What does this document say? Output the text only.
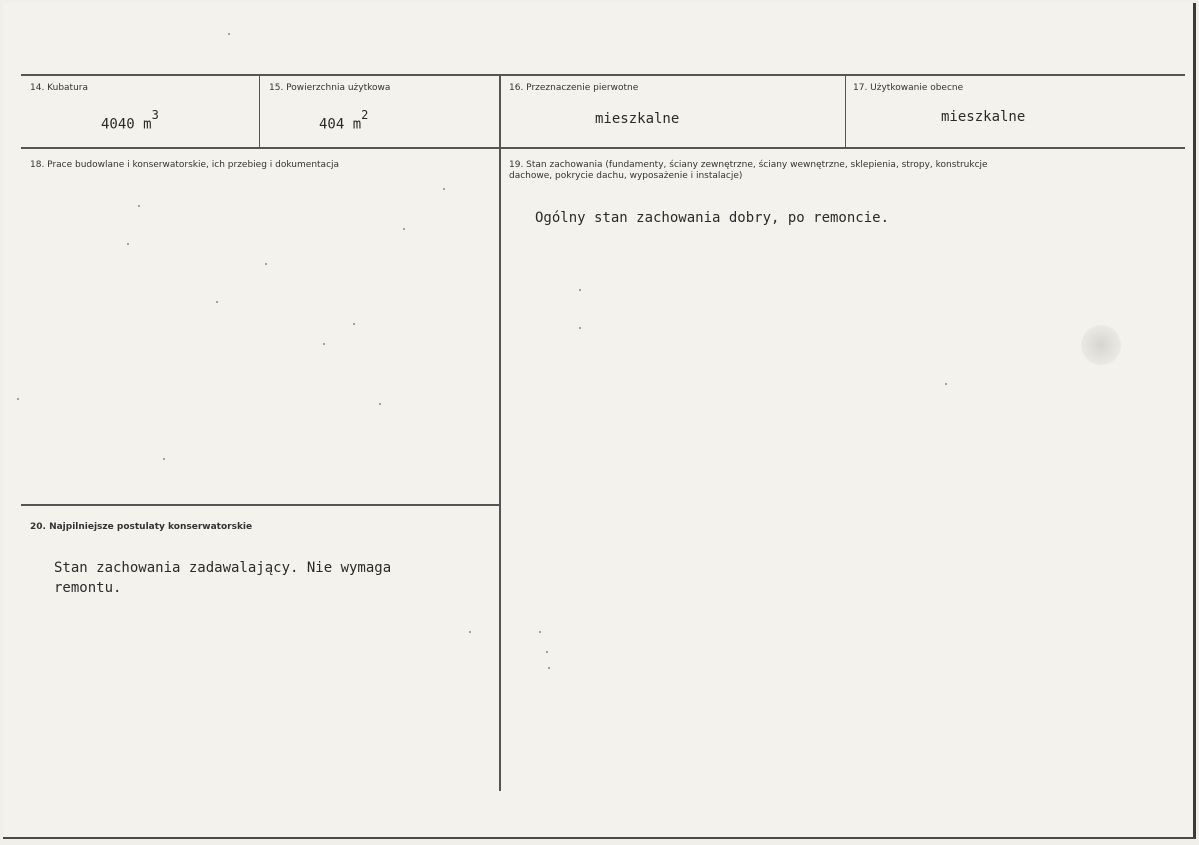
14. Kubatura
4040 $m^3$
15. Powierzchnia użytkowa
404 $m^2$
16. Przeznaczenie pierwotne
mieszkalne
17. Użytkowanie obecne
mieszkalne
18. Prace budowlane i konserwatorskie, ich przebieg i dokumentacja	19. Stan zachowania (fundamenty, ściany zewnętrzne, ściany wewnętrzne, sklepienia, stropy, konstrukcje dachowe, pokrycie dachu, wyposażenie i instalacje)
Ogólny stan zachowania dobry, po remoncie.
20. Najpilniejsze postulaty konserwatorskie
Stan zachowania zadawalający. Nie wymaga remontu.
